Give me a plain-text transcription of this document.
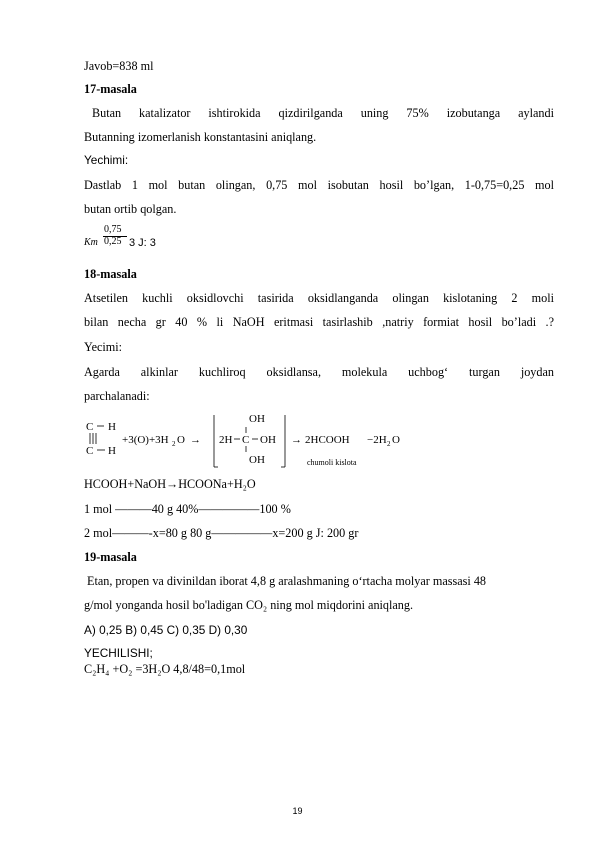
Javob=838 ml
17-masala
Butan katalizator ishtirokida qizdirilganda uning 75% izobutanga aylandi
Butanning izomerlanish konstantasini aniqlang.
Yechimi:
Dastlab 1 mol butan olingan, 0,75 mol isobutan hosil bo’lgan, 1-0,75=0,25 mol
butan ortib qolgan.
Km
0,75
0,25 3 J: 3
18-masala
Atsetilen kuchli oksidlovchi tasirida oksidlanganda olingan kislotaning 2 moli
bilan necha gr 40 % li NaOH eritmasi tasirlashib ,natriy formiat hosil bo’ladi .?
Yecimi:
Agarda alkinlar kuchliroq oksidlansa, molekula uchbog‘ turgan joydan
parchalanadi:
C H
C H
+3(O)+3H 2 O → 2H C
OH
OH
OH
→ 2HCOOH −2H 2 O
chumoli kislota
HCOOH+NaOH→HCOONa+H₂O
1 mol ———40 g 40%—————100 %
2 mol———-x=80 g 80 g—————x=200 g J: 200 gr
19-masala
Etan, propen va divinildan iborat 4,8 g aralashmaning o‘rtacha molyar massasi 48
g/mol yonganda hosil bo'ladigan CO₂ ning mol miqdorini aniqlang.
A) 0,25 B) 0,45 C) 0,35 D) 0,30
YECHILISHI;
C₂H₄ +O₂ =3H₂O 4,8/48=0,1mol
19
